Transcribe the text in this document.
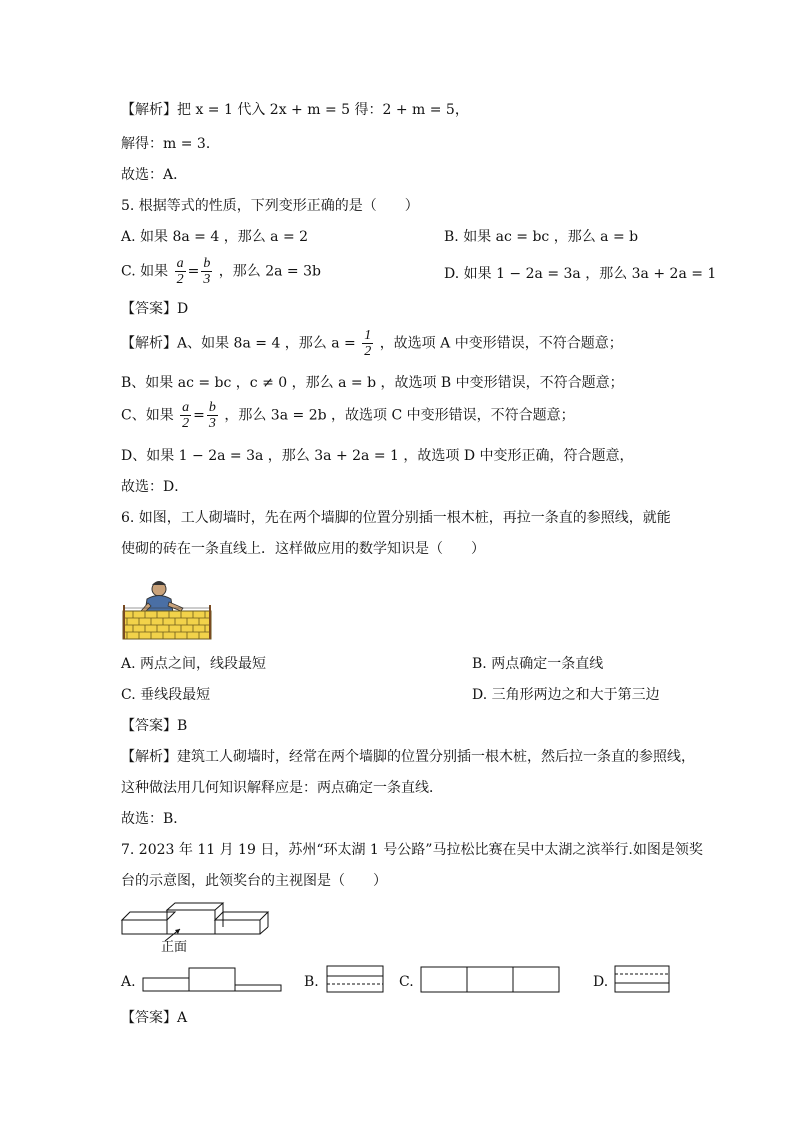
【解析】把 x = 1 代入 2x + m = 5 得：2 + m = 5，
解得：m = 3．
故选：A．
5. 根据等式的性质，下列变形正确的是（　　）
A. 如果 8a = 4 ，那么 a = 2	B. 如果 ac = bc ，那么 a = b
C. 如果 $\frac{a}{2} = \frac{b}{3}$ ，那么 2a = 3b	D. 如果 1 − 2a = 3a ，那么 3a + 2a = 1
【答案】D
【解析】A、如果 8a = 4 ，那么 $a = \frac{1}{2}$ ，故选项 A 中变形错误，不符合题意；
B、如果 ac = bc ，c ≠ 0 ，那么 a = b ，故选项 B 中变形错误，不符合题意；
C、如果 $\frac{a}{2} = \frac{b}{3}$ ，那么 3a = 2b ，故选项 C 中变形错误，不符合题意；
D、如果 1 − 2a = 3a ，那么 3a + 2a = 1 ，故选项 D 中变形正确，符合题意，
故选：D．
6. 如图，工人砌墙时，先在两个墙脚的位置分别插一根木桩，再拉一条直的参照线，就能
使砌的砖在一条直线上．这样做应用的数学知识是（　　）
A. 两点之间，线段最短	B. 两点确定一条直线
C. 垂线段最短	D. 三角形两边之和大于第三边
【答案】B
【解析】建筑工人砌墙时，经常在两个墙脚的位置分别插一根木桩，然后拉一条直的参照线，
这种做法用几何知识解释应是：两点确定一条直线．
故选：B．
7. 2023 年 11 月 19 日，苏州“环太湖 1 号公路”马拉松比赛在吴中太湖之滨举行.如图是领奖
台的示意图，此领奖台的主视图是（　　）
正面
A.	B.	C.	D.
【答案】A
